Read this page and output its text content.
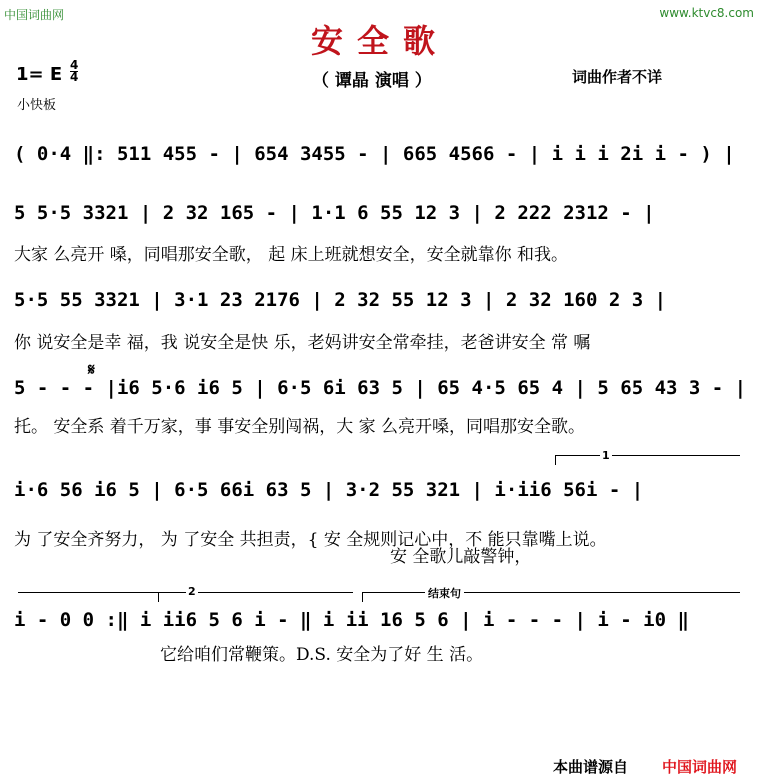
中国词曲网	www.ktvc8.com
安全歌
1= E 4
4
小快板
（ 谭晶 演唱 ）	词曲作者不详
( 0·4 ‖: 511 455 - | 654 3455 - | 665 4566 - | i i i 2i i - ) |
5 5·5 3321 | 2 32 165 - | 1·1 6 55 12 3 | 2 222 2312 - |
大家 么亮开 嗓，同唱那安全歌， 起 床上班就想安全，安全就靠你 和我。
5·5 55 3321 | 3·1 23 2176 | 2 32 55 12 3 | 2 32 160 2 3 |
你 说安全是幸 福，我 说安全是快 乐，老妈讲安全常牵挂，老爸讲安全 常 嘱
𝄋
5 - - - |i6 5·6 i6 5 | 6·5 6i 63 5 | 65 4·5 65 4 | 5 65 43 3 - |
托。 安全系 着千万家，事 事安全别闯祸，大 家 么亮开嗓，同唱那安全歌。
1
i·6 56 i6 5 | 6·5 66i 63 5 | 3·2 55 321 | i·ii6 56i - |
为 了安全齐努力， 为 了安全 共担责，{ 安 全规则记心中，不 能只靠嘴上说。
安 全歌儿敲警钟，
2	结束句
i - 0 0 :‖ i ii6 5 6 i - ‖ i ii 16 5 6 | i - - - | i - i0 ‖
它给咱们常鞭策。D.S. 安全为了好 生 活。
本曲谱源自 中国词曲网
